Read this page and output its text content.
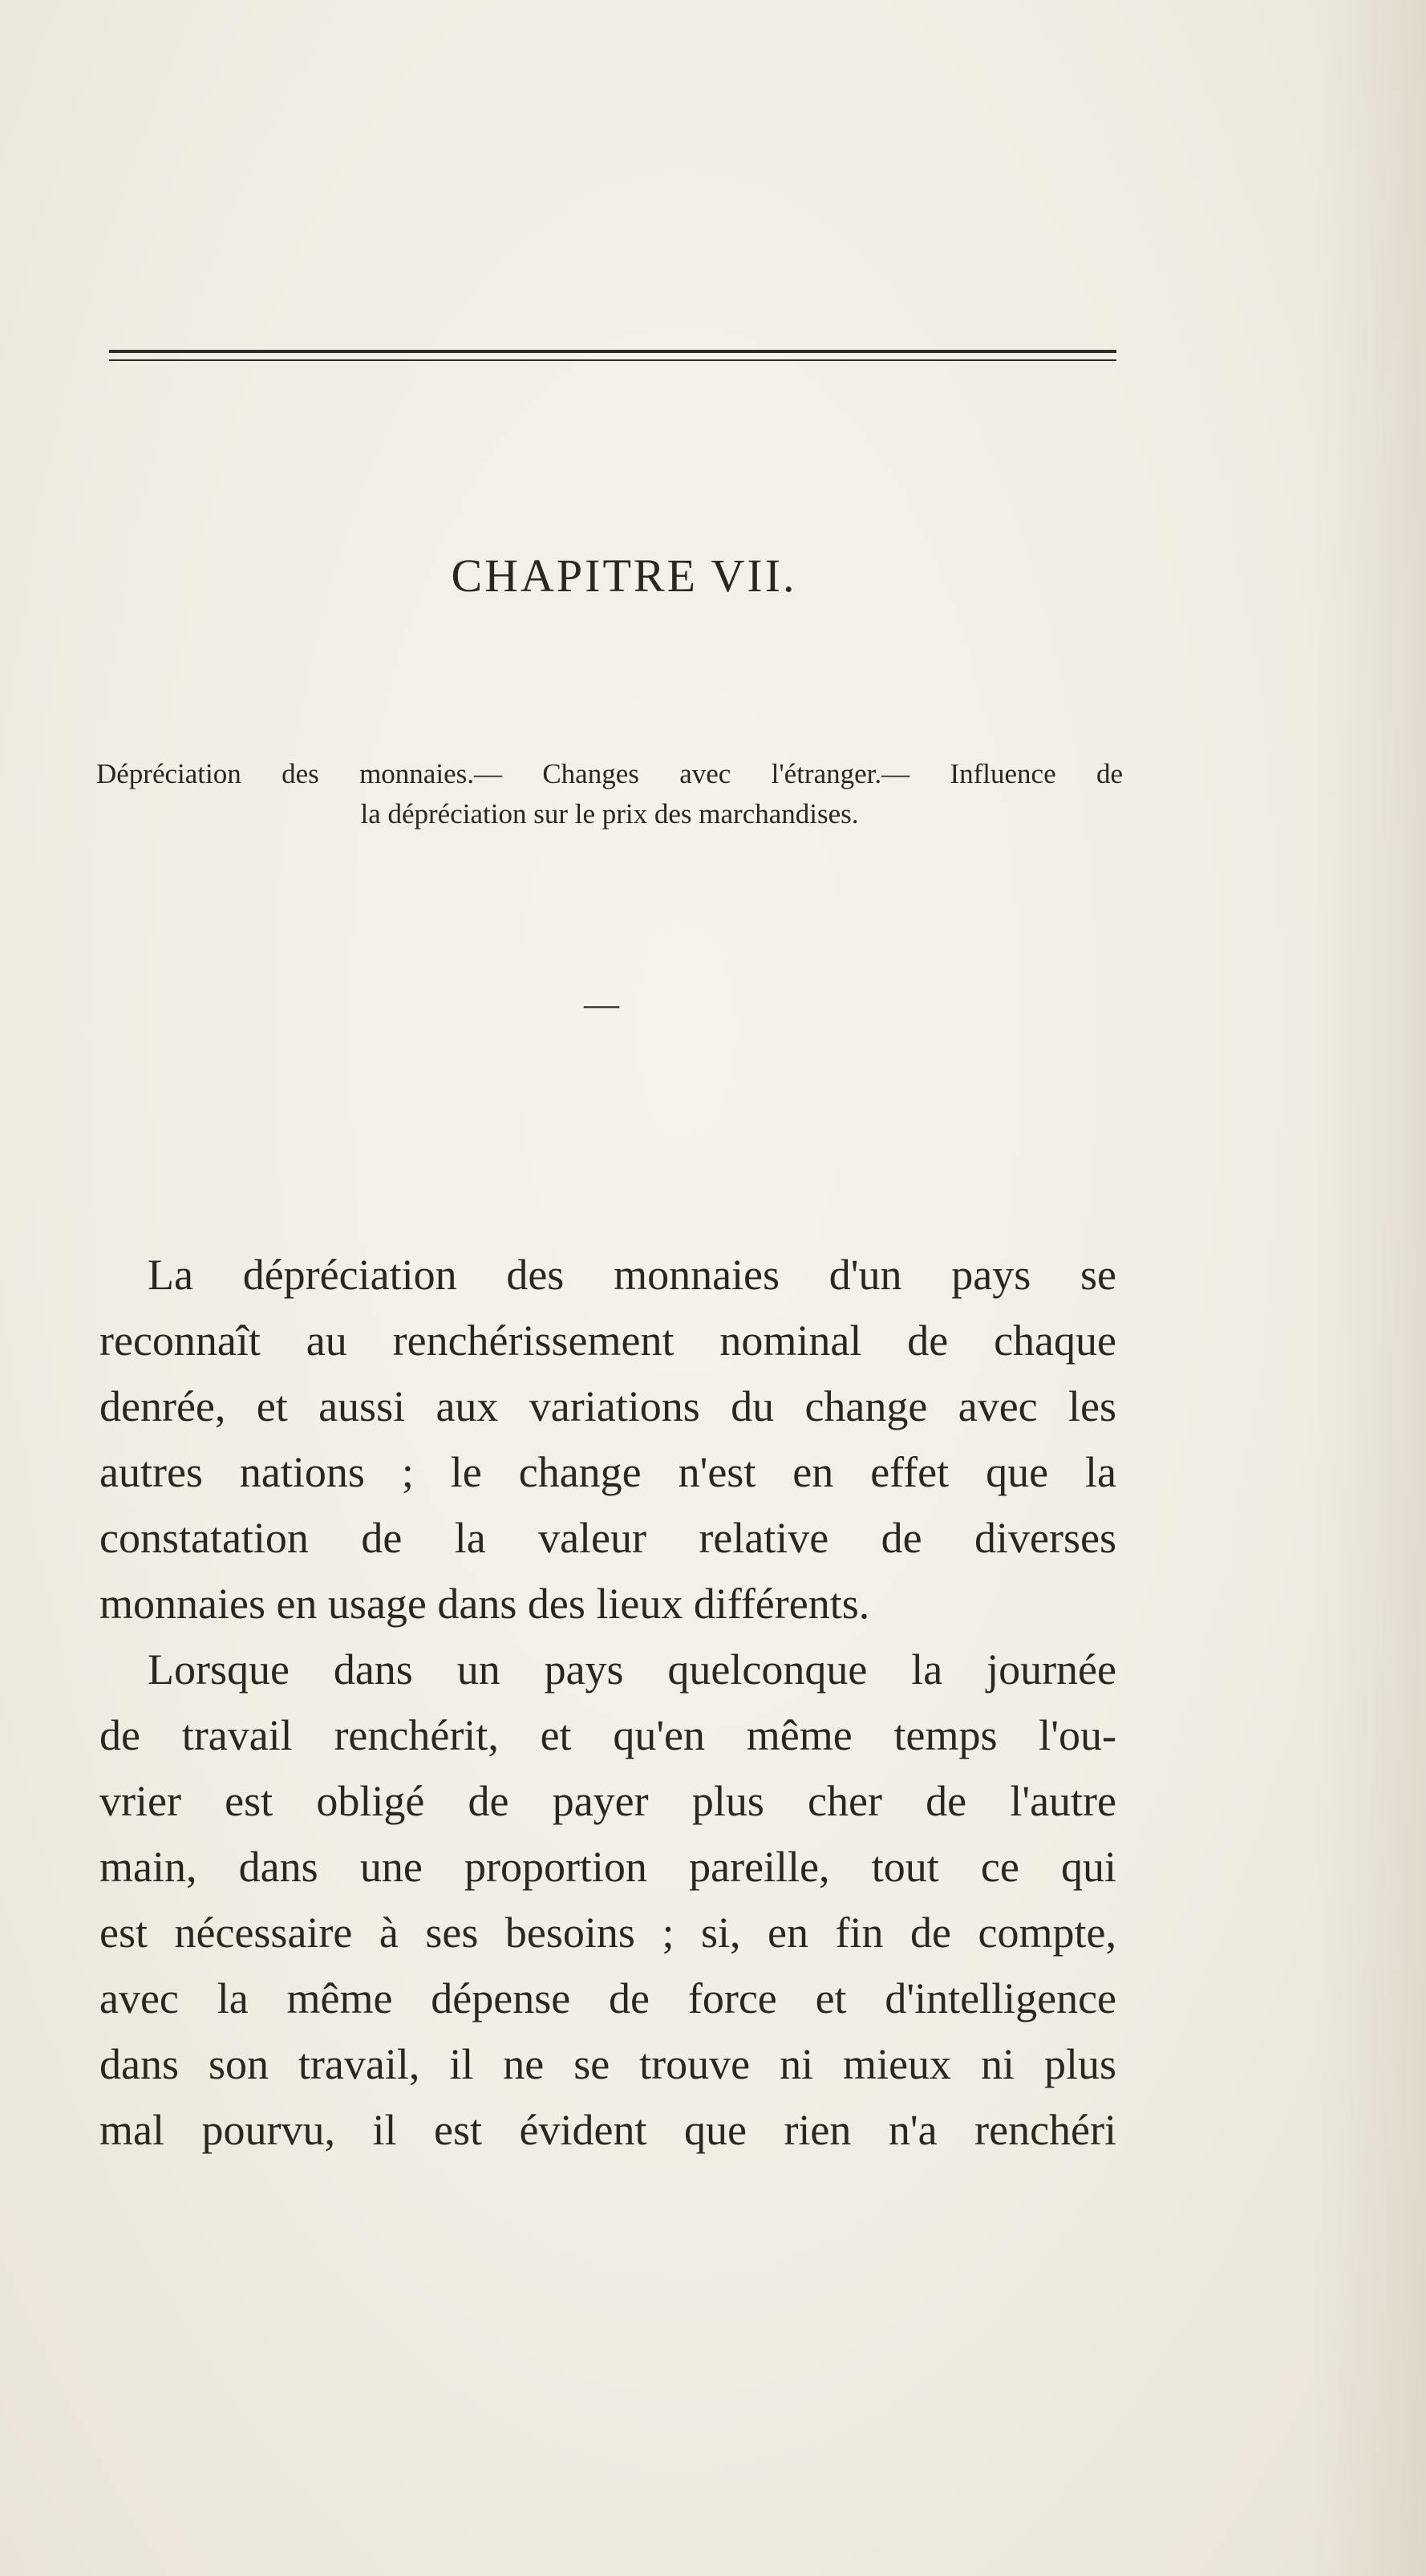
CHAPITRE VII.
Dépréciation des monnaies.— Changes avec l'étranger.— Influence de
la dépréciation sur le prix des marchandises.
—
La dépréciation des monnaies d'un pays se
reconnaît au renchérissement nominal de chaque
denrée, et aussi aux variations du change avec les
autres nations ; le change n'est en effet que la
constatation de la valeur relative de diverses
monnaies en usage dans des lieux différents.
Lorsque dans un pays quelconque la journée
de travail renchérit, et qu'en même temps l'ou-
vrier est obligé de payer plus cher de l'autre
main, dans une proportion pareille, tout ce qui
est nécessaire à ses besoins ; si, en fin de compte,
avec la même dépense de force et d'intelligence
dans son travail, il ne se trouve ni mieux ni plus
mal pourvu, il est évident que rien n'a renchéri
